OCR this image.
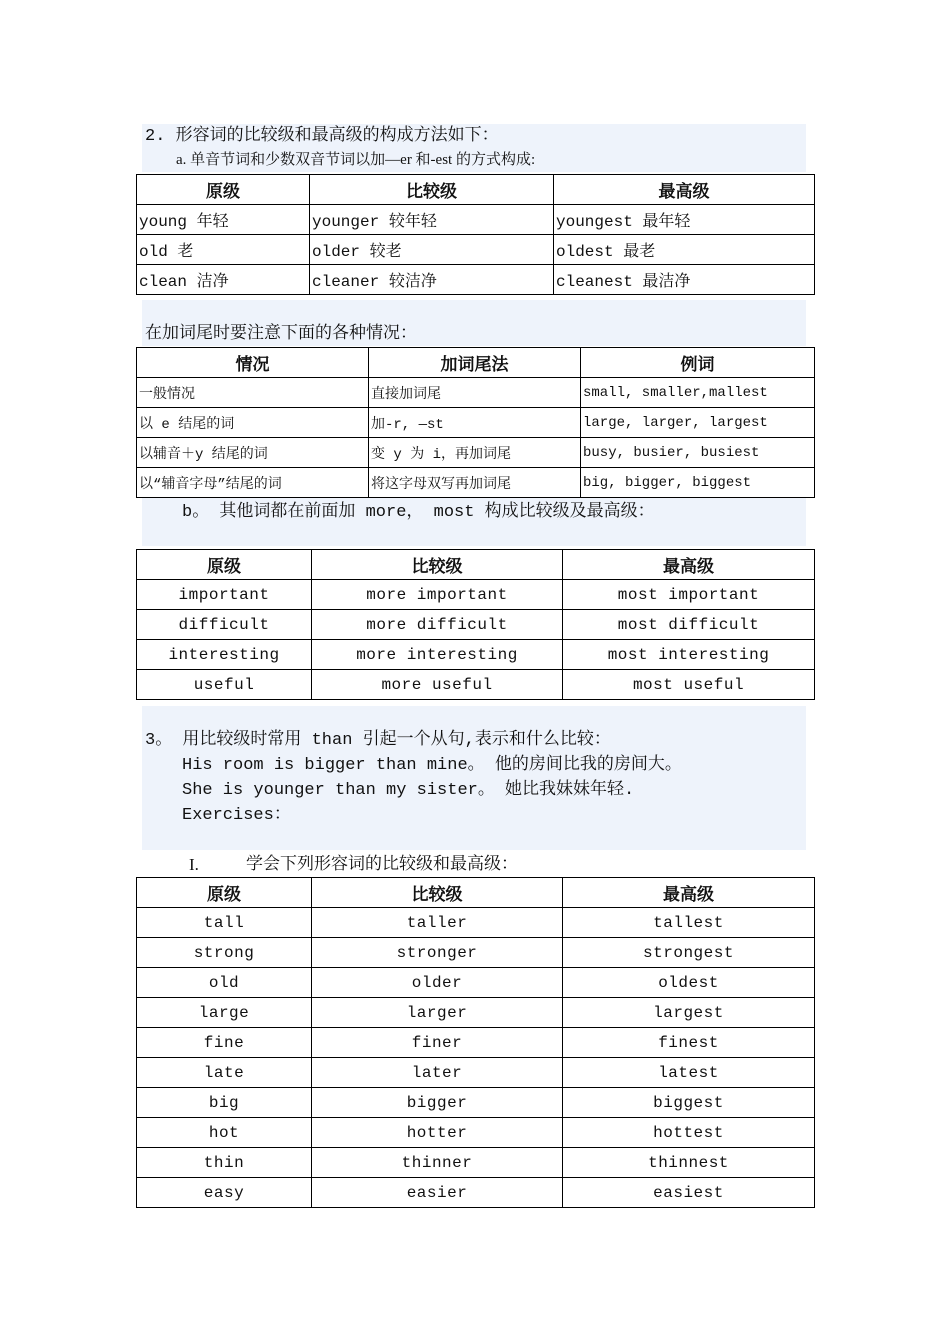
2. 形容词的比较级和最高级的构成方法如下：
a. 单音节词和少数双音节词以加—er 和-est 的方式构成:
原级	比较级	最高级
young 年轻	younger 较年轻	youngest 最年轻
old 老	older 较老	oldest 最老
clean 洁净	cleaner 较洁净	cleanest 最洁净
在加词尾时要注意下面的各种情况：
情况	加词尾法	例词
一般情况	直接加词尾	small, smaller,mallest
以 e 结尾的词	加-r, —st	large, larger, largest
以辅音＋y 结尾的词	变 y 为 i，再加词尾	busy, busier, busiest
以“辅音字母”结尾的词	将这字母双写再加词尾	big, bigger, biggest
b。 其他词都在前面加 more， most 构成比较级及最高级：
原级	比较级	最高级
important	more important	most important
difficult	more difficult	most difficult
interesting	more interesting	most interesting
useful	more useful	most useful
3。 用比较级时常用 than 引起一个从句,表示和什么比较：
His room is bigger than mine。 他的房间比我的房间大。
She is younger than my sister。 她比我妹妹年轻.
Exercises：
I.	学会下列形容词的比较级和最高级：
原级	比较级	最高级
tall	taller	tallest
strong	stronger	strongest
old	older	oldest
large	larger	largest
fine	finer	finest
late	later	latest
big	bigger	biggest
hot	hotter	hottest
thin	thinner	thinnest
easy	easier	easiest
